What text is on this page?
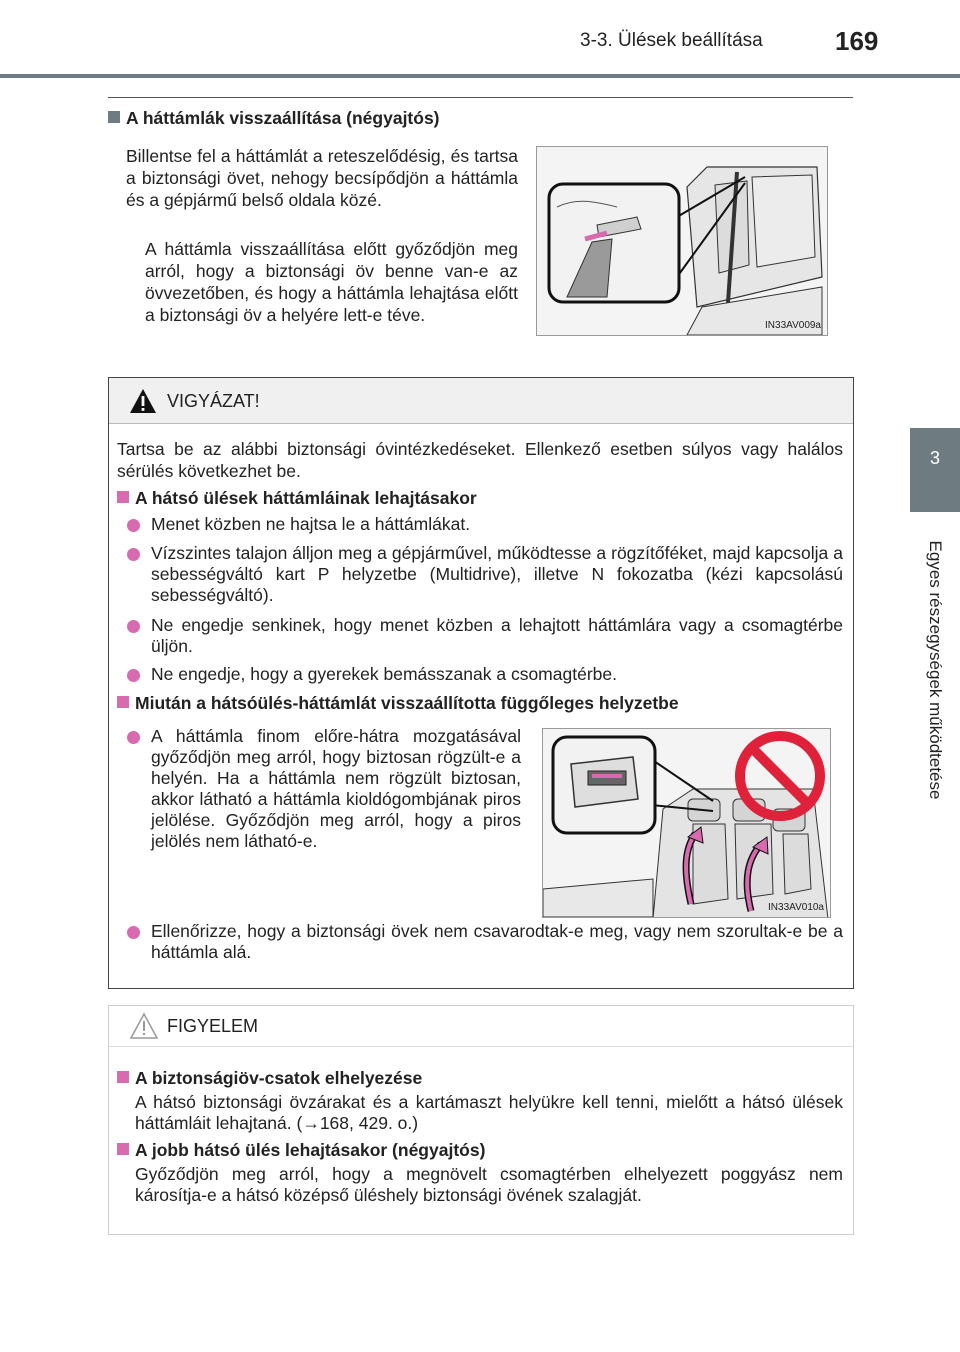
3-3. Ülések beállítása	169
3
Egyes részegységek működtetése
A háttámlák visszaállítása (négyajtós)
Billentse fel a háttámlát a reteszelődésig, és tartsa a biztonsági övet, nehogy becsípődjön a háttámla és a gépjármű belső oldala közé.
A háttámla visszaállítása előtt győződjön meg arról, hogy a biztonsági öv benne van-e az övvezetőben, és hogy a háttámla lehajtása előtt a biztonsági öv a helyére lett-e téve.
IN33AV009a
VIGYÁZAT!
Tartsa be az alábbi biztonsági óvintézkedéseket. Ellenkező esetben súlyos vagy halálos sérülés következhet be.
A hátsó ülések háttámláinak lehajtásakor
Menet közben ne hajtsa le a háttámlákat.
Vízszintes talajon álljon meg a gépjárművel, működtesse a rögzítőféket, majd kapcsolja a sebességváltó kart P helyzetbe (Multidrive), illetve N fokozatba (kézi kapcsolású sebességváltó).
Ne engedje senkinek, hogy menet közben a lehajtott háttámlára vagy a csomagtérbe üljön.
Ne engedje, hogy a gyerekek bemásszanak a csomagtérbe.
Miután a hátsóülés-háttámlát visszaállította függőleges helyzetbe
A háttámla finom előre-hátra mozgatásával győződjön meg arról, hogy biztosan rögzült-e a helyén. Ha a háttámla nem rögzült biztosan, akkor látható a háttámla kioldógombjának piros jelölése. Győződjön meg arról, hogy a piros jelölés nem látható-e.
IN33AV010a
Ellenőrizze, hogy a biztonsági övek nem csavarodtak-e meg, vagy nem szorultak-e be a háttámla alá.
FIGYELEM
A biztonságiöv-csatok elhelyezése
A hátsó biztonsági övzárakat és a kartámaszt helyükre kell tenni, mielőtt a hátsó ülések háttámláit lehajtaná. (→168, 429. o.)
A jobb hátsó ülés lehajtásakor (négyajtós)
Győződjön meg arról, hogy a megnövelt csomagtérben elhelyezett poggyász nem károsítja-e a hátsó középső üléshely biztonsági övének szalagját.
